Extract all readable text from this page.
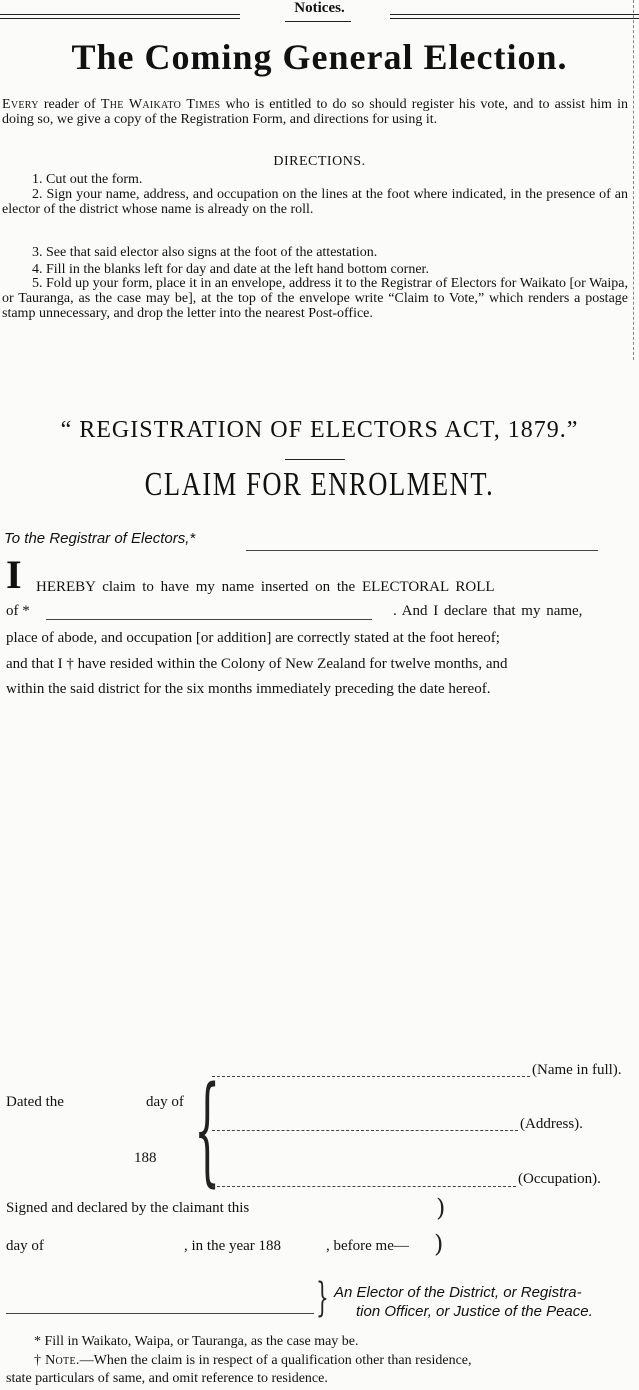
Notices.
The Coming General Election.
Every reader of The Waikato Times who is entitled to do so should register his vote, and to assist him in doing so, we give a copy of the Registration Form, and directions for using it.
DIRECTIONS.
1. Cut out the form.
2. Sign your name, address, and occupation on the lines at the foot where indicated, in the presence of an elector of the district whose name is already on the roll.
3. See that said elector also signs at the foot of the attestation.
4. Fill in the blanks left for day and date at the left hand bottom corner.
5. Fold up your form, place it in an envelope, address it to the Registrar of Electors for Waikato [or Waipa, or Tauranga, as the case may be], at the top of the envelope write “Claim to Vote,” which renders a postage stamp unnecessary, and drop the letter into the nearest Post-office.
“ REGISTRATION OF ELECTORS ACT, 1879.”
CLAIM FOR ENROLMENT.
To the Registrar of Electors,*
I HEREBY claim to have my name inserted on the ELECTORAL ROLL
of *	. And I declare that my name,
place of abode, and occupation [or addition] are correctly stated at the foot hereof;
and that I † have resided within the Colony of New Zealand for twelve months, and
within the said district for the six months immediately preceding the date hereof.
(Name in full).
Dated the	day of {	(Address).
188
(Occupation).
Signed and declared by the claimant this	)
day of	, in the year 188	, before me— )
} An Elector of the District, or Registra-
tion Officer, or Justice of the Peace.
* Fill in Waikato, Waipa, or Tauranga, as the case may be.
† Note.—When the claim is in respect of a qualification other than residence,
state particulars of same, and omit reference to residence.
